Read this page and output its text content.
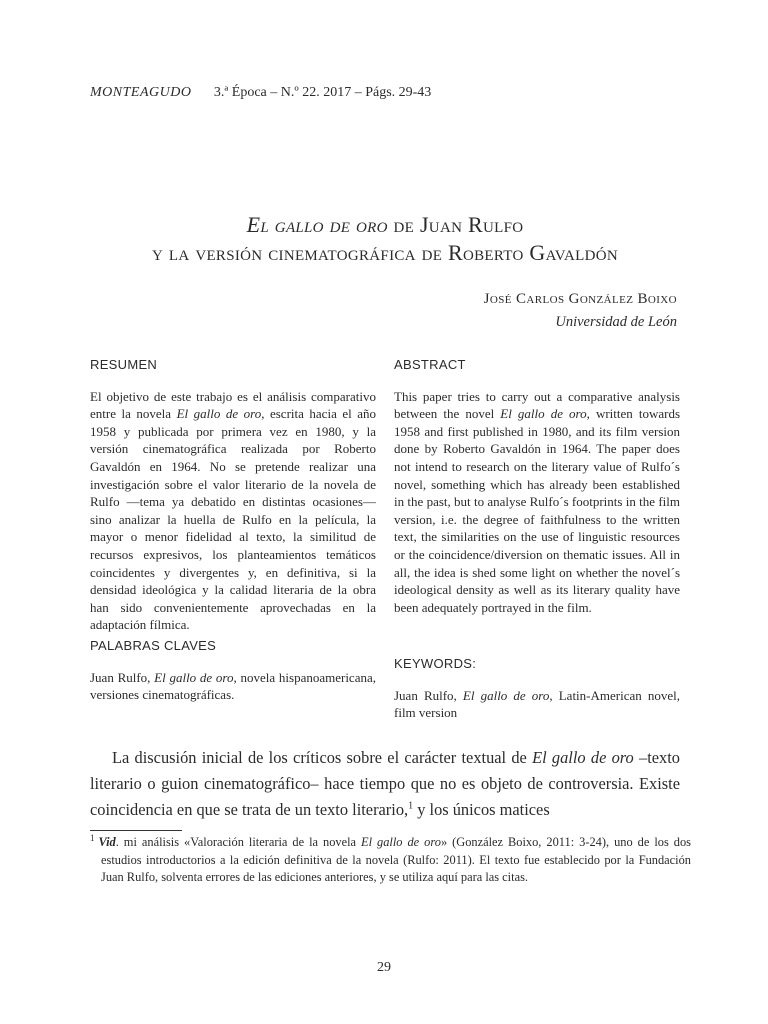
MONTEAGUDO 3.ª Época – N.º 22. 2017 – Págs. 29-43
El gallo de oro de Juan Rulfo
y la versión cinematográfica de Roberto Gavaldón
José Carlos González Boixo
Universidad de León
RESUMEN

El objetivo de este trabajo es el análisis comparativo entre la novela El gallo de oro, escrita hacia el año 1958 y publicada por primera vez en 1980, y la versión cinematográfica realizada por Roberto Gavaldón en 1964. No se pretende realizar una investigación sobre el valor literario de la novela de Rulfo —tema ya debatido en distintas ocasiones— sino analizar la huella de Rulfo en la película, la mayor o menor fidelidad al texto, la similitud de recursos expresivos, los planteamientos temáticos coincidentes y divergentes y, en definitiva, si la densidad ideológica y la calidad literaria de la obra han sido convenientemente aprovechadas en la adaptación fílmica.

PALABRAS CLAVES

Juan Rulfo, El gallo de oro, novela hispanoamericana, versiones cinematográficas.

ABSTRACT

This paper tries to carry out a comparative analysis between the novel El gallo de oro, written towards 1958 and first published in 1980, and its film version done by Roberto Gavaldón in 1964. The paper does not intend to research on the literary value of Rulfo´s novel, something which has already been established in the past, but to analyse Rulfo´s footprints in the film version, i.e. the degree of faithfulness to the written text, the similarities on the use of linguistic resources or the coincidence/diversion on thematic issues. All in all, the idea is shed some light on whether the novel´s ideological density as well as its literary quality have been adequately portrayed in the film.

KEYWORDS:

Juan Rulfo, El gallo de oro, Latin-American novel, film version

La discusión inicial de los críticos sobre el carácter textual de El gallo de oro –texto literario o guion cinematográfico– hace tiempo que no es objeto de controversia. Existe coincidencia en que se trata de un texto literario,$^1$ y los únicos matices

$^1$ Vid. mi análisis «Valoración literaria de la novela El gallo de oro» (González Boixo, 2011: 3-24), uno de los dos estudios introductorios a la edición definitiva de la novela (Rulfo: 2011). El texto fue establecido por la Fundación Juan Rulfo, solventa errores de las ediciones anteriores, y se utiliza aquí para las citas.

29
